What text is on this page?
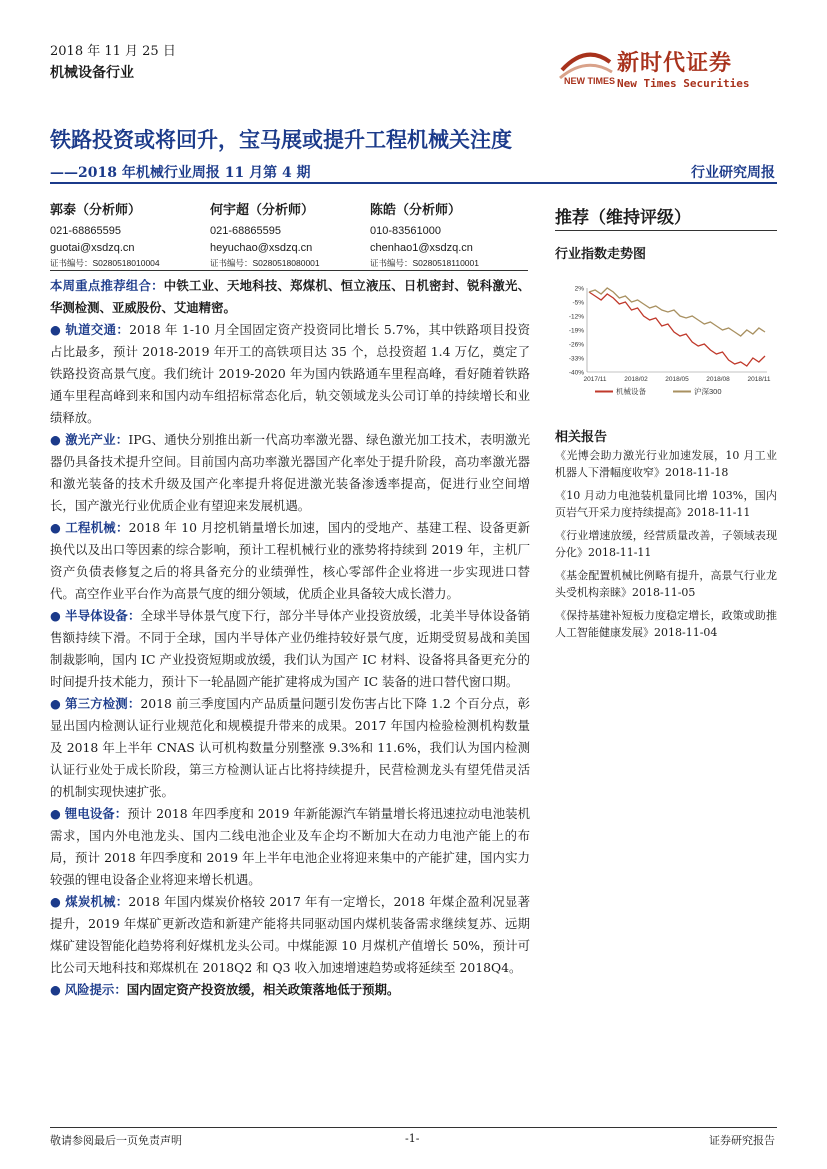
2018 年 11 月 25 日
机械设备行业	NEW TIMES
新时代证券
New Times Securities
铁路投资或将回升，宝马展或提升工程机械关注度
——2018 年机械行业周报 11 月第 4 期	行业研究周报
郭泰（分析师）
021-68865595
guotai@xsdzq.cn
证书编号：S0280518010004
何宇超（分析师）
021-68865595
heyuchao@xsdzq.cn
证书编号：S0280518080001
陈皓（分析师）
010-83561000
chenhao1@xsdzq.cn
证书编号：S0280518110001

本周重点推荐组合：中铁工业、天地科技、郑煤机、恒立液压、日机密封、锐科激光、华测检测、亚威股份、艾迪精密。

● 轨道交通：2018 年 1-10 月全国固定资产投资同比增长 5.7%，其中铁路项目投资占比最多，预计 2018-2019 年开工的高铁项目达 35 个，总投资超 1.4 万亿，奠定了铁路投资高景气度。我们统计 2019-2020 年为国内铁路通车里程高峰，看好随着铁路通车里程高峰到来和国内动车组招标常态化后，轨交领域龙头公司订单的持续增长和业绩释放。

● 激光产业：IPG、通快分别推出新一代高功率激光器、绿色激光加工技术，表明激光器仍具备技术提升空间。目前国内高功率激光器国产化率处于提升阶段，高功率激光器和激光装备的技术升级及国产化率提升将促进激光装备渗透率提高，促进行业空间增长，国产激光行业优质企业有望迎来发展机遇。

● 工程机械：2018 年 10 月挖机销量增长加速，国内的受地产、基建工程、设备更新换代以及出口等因素的综合影响，预计工程机械行业的涨势将持续到 2019 年，主机厂资产负债表修复之后的将具备充分的业绩弹性，核心零部件企业将进一步实现进口替代。高空作业平台作为高景气度的细分领域，优质企业具备较大成长潜力。

● 半导体设备：全球半导体景气度下行，部分半导体产业投资放缓，北美半导体设备销售额持续下滑。不同于全球，国内半导体产业仍维持较好景气度，近期受贸易战和美国制裁影响，国内 IC 产业投资短期或放缓，我们认为国产 IC 材料、设备将具备更充分的时间提升技术能力，预计下一轮晶圆产能扩建将成为国产 IC 装备的进口替代窗口期。

● 第三方检测：2018 前三季度国内产品质量问题引发伤害占比下降 1.2 个百分点，彰显出国内检测认证行业规范化和规模提升带来的成果。2017 年国内检验检测机构数量及 2018 年上半年 CNAS 认可机构数量分别整涨 9.3%和 11.6%，我们认为国内检测认证行业处于成长阶段，第三方检测认证占比将持续提升，民营检测龙头有望凭借灵活的机制实现快速扩张。

● 锂电设备：预计 2018 年四季度和 2019 年新能源汽车销量增长将迅速拉动电池装机需求，国内外电池龙头、国内二线电池企业及车企均不断加大在动力电池产能上的布局，预计 2018 年四季度和 2019 年上半年电池企业将迎来集中的产能扩建，国内实力较强的锂电设备企业将迎来增长机遇。

● 煤炭机械：2018 年国内煤炭价格较 2017 年有一定增长，2018 年煤企盈利况显著提升，2019 年煤矿更新改造和新建产能将共同驱动国内煤机装备需求继续复苏、远期煤矿建设智能化趋势将利好煤机龙头公司。中煤能源 10 月煤机产值增长 50%，预计可比公司天地科技和郑煤机在 2018Q2 和 Q3 收入加速增速趋势或将延续至 2018Q4。

● 风险提示：国内固定资产投资放缓，相关政策落地低于预期。

推荐（维持评级）
行业指数走势图
2%
-5%
-12%
-19%
-26%
-33%
-40%
2017/11	2018/02	2018/05	2018/08	2018/11
机械设备	沪深300
相关报告
《光博会助力激光行业加速发展，10 月工业机器人下滑幅度收窄》2018-11-18
《10 月动力电池装机量同比增 103%，国内页岩气开采力度持续提高》2018-11-11
《行业增速放缓，经营质量改善，子领域表现分化》2018-11-11
《基金配置机械比例略有提升，高景气行业龙头受机构亲睐》2018-11-05
《保持基建补短板力度稳定增长，政策或助推人工智能健康发展》2018-11-04
敬请参阅最后一页免责声明	-1-	证券研究报告
